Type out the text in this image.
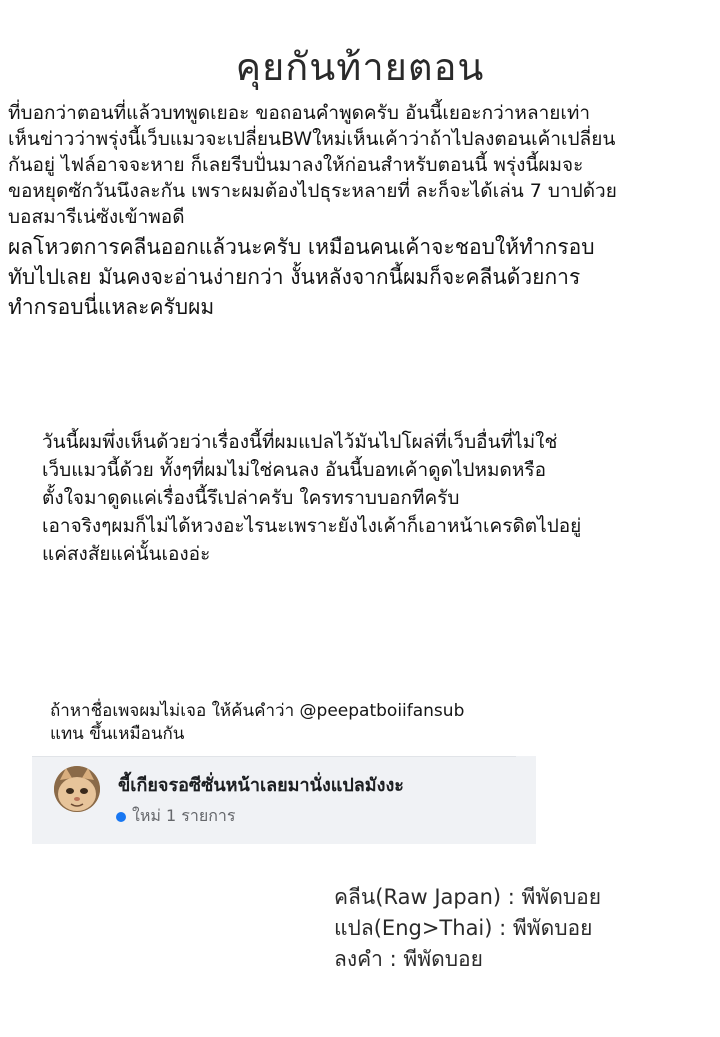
คุยกันท้ายตอน
ที่บอกว่าตอนที่แล้วบทพูดเยอะ ขอถอนคำพูดครับ อันนี้เยอะกว่าหลายเท่า
เห็นข่าวว่าพรุ่งนี้เว็บแมวจะเปลี่ยนBWใหม่เห็นเค้าว่าถ้าไปลงตอนเค้าเปลี่ยน
กันอยู่ ไฟล์อาจจะหาย ก็เลยรีบปั่นมาลงให้ก่อนสำหรับตอนนี้ พรุ่งนี้ผมจะ
ขอหยุดซักวันนึงละกัน เพราะผมต้องไปธุระหลายที่ ละก็จะได้เล่น 7 บาปด้วย
บอสมารีเน่ซังเข้าพอดี
ผลโหวตการคลีนออกแล้วนะครับ เหมือนคนเค้าจะชอบให้ทำกรอบ
ทับไปเลย มันคงจะอ่านง่ายกว่า งั้นหลังจากนี้ผมก็จะคลีนด้วยการ
ทำกรอบนี่แหละครับผม
วันนี้ผมพึ่งเห็นด้วยว่าเรื่องนี้ที่ผมแปลไว้มันไปโผล่ที่เว็บอื่นที่ไม่ใช่
เว็บแมวนี้ด้วย ทั้งๆที่ผมไม่ใช่คนลง อันนี้บอทเค้าดูดไปหมดหรือ
ตั้งใจมาดูดแค่เรื่องนี้รึเปล่าครับ ใครทราบบอกทีครับ
เอาจริงๆผมก็ไม่ได้หวงอะไรนะเพราะยังไงเค้าก็เอาหน้าเครดิตไปอยู่
แค่สงสัยแค่นั้นเองอ่ะ
ถ้าหาชื่อเพจผมไม่เจอ ให้ค้นคำว่า @peepatboiifansub
แทน ขึ้นเหมือนกัน
ขี้เกียจรอซีซั่นหน้าเลยมานั่งแปลมังงะ
ใหม่ 1 รายการ
คลีน(Raw Japan) : พีพัดบอย
แปล(Eng>Thai) : พีพัดบอย
ลงคำ : พีพัดบอย
